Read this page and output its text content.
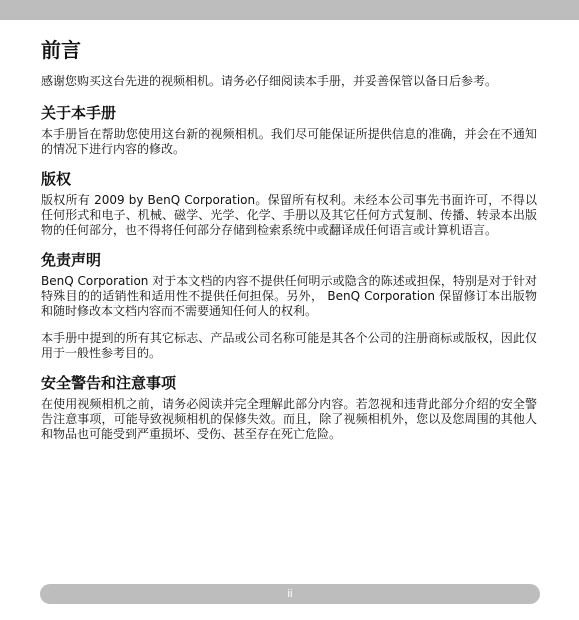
前言

感谢您购买这台先进的视频相机。请务必仔细阅读本手册，并妥善保管以备日后参考。

关于本手册

本手册旨在帮助您使用这台新的视频相机。我们尽可能保证所提供信息的准确，并会在不通知的情况下进行内容的修改。

版权

版权所有 2009 by BenQ Corporation。保留所有权利。未经本公司事先书面许可，不得以任何形式和电子、机械、磁学、光学、化学、手册以及其它任何方式复制、传播、转录本出版物的任何部分，也不得将任何部分存储到检索系统中或翻译成任何语言或计算机语言。

免责声明

BenQ Corporation 对于本文档的内容不提供任何明示或隐含的陈述或担保，特别是对于针对特殊目的的适销性和适用性不提供任何担保。另外， BenQ Corporation 保留修订本出版物和随时修改本文档内容而不需要通知任何人的权利。

本手册中提到的所有其它标志、产品或公司名称可能是其各个公司的注册商标或版权，因此仅用于一般性参考目的。

安全警告和注意事项

在使用视频相机之前，请务必阅读并完全理解此部分内容。若忽视和违背此部分介绍的安全警告注意事项，可能导致视频相机的保修失效。而且，除了视频相机外，您以及您周围的其他人和物品也可能受到严重损坏、受伤、甚至存在死亡危险。

ii
